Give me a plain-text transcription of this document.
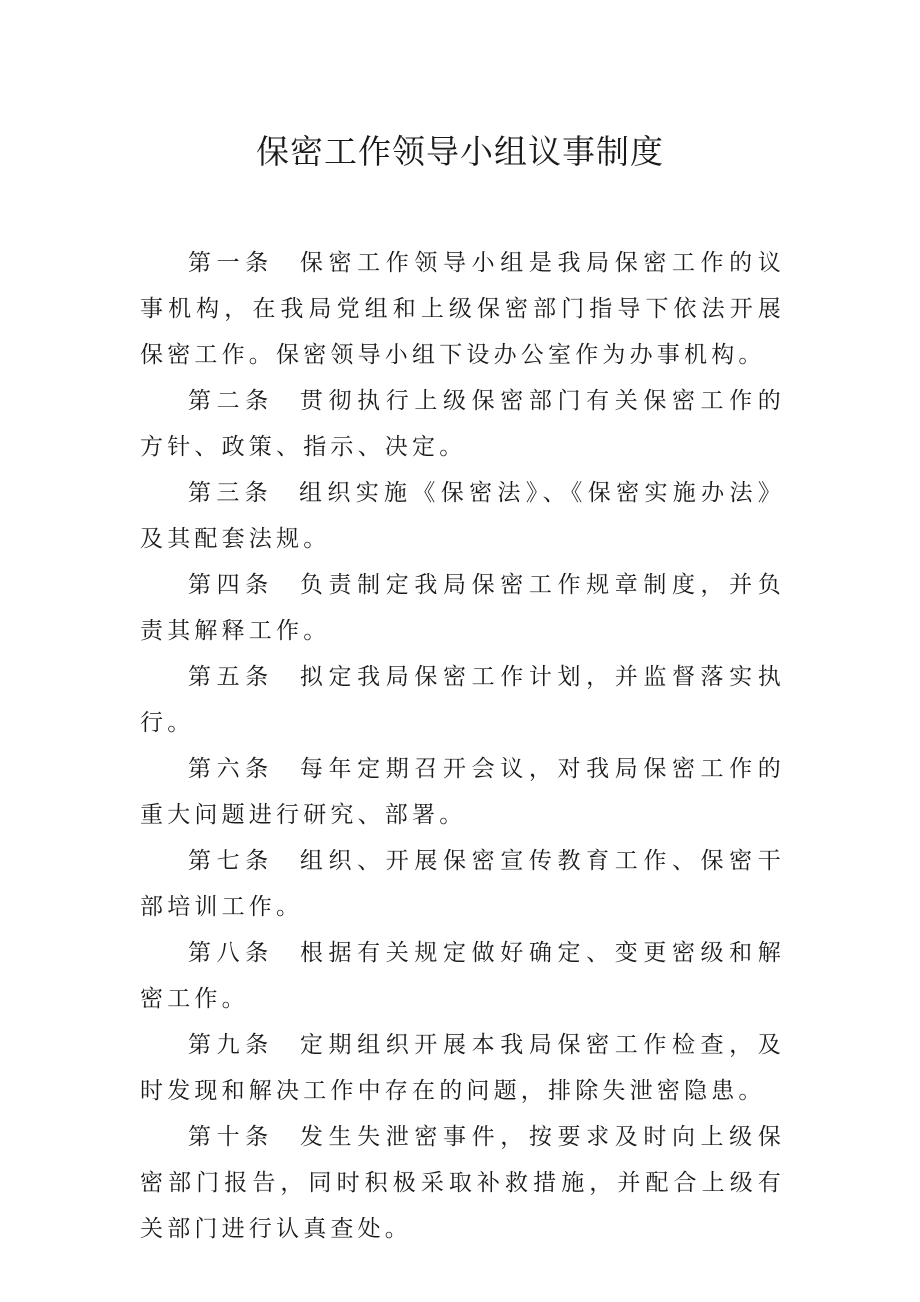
保密工作领导小组议事制度

第一条 保密工作领导小组是我局保密工作的议事机构，在我局党组和上级保密部门指导下依法开展保密工作。保密领导小组下设办公室作为办事机构。

第二条 贯彻执行上级保密部门有关保密工作的方针、政策、指示、决定。

第三条 组织实施《保密法》、《保密实施办法》及其配套法规。

第四条 负责制定我局保密工作规章制度，并负责其解释工作。

第五条 拟定我局保密工作计划，并监督落实执行。

第六条 每年定期召开会议，对我局保密工作的重大问题进行研究、部署。

第七条 组织、开展保密宣传教育工作、保密干部培训工作。

第八条 根据有关规定做好确定、变更密级和解密工作。

第九条 定期组织开展本我局保密工作检查，及时发现和解决工作中存在的问题，排除失泄密隐患。

第十条 发生失泄密事件，按要求及时向上级保密部门报告，同时积极采取补救措施，并配合上级有关部门进行认真查处。
